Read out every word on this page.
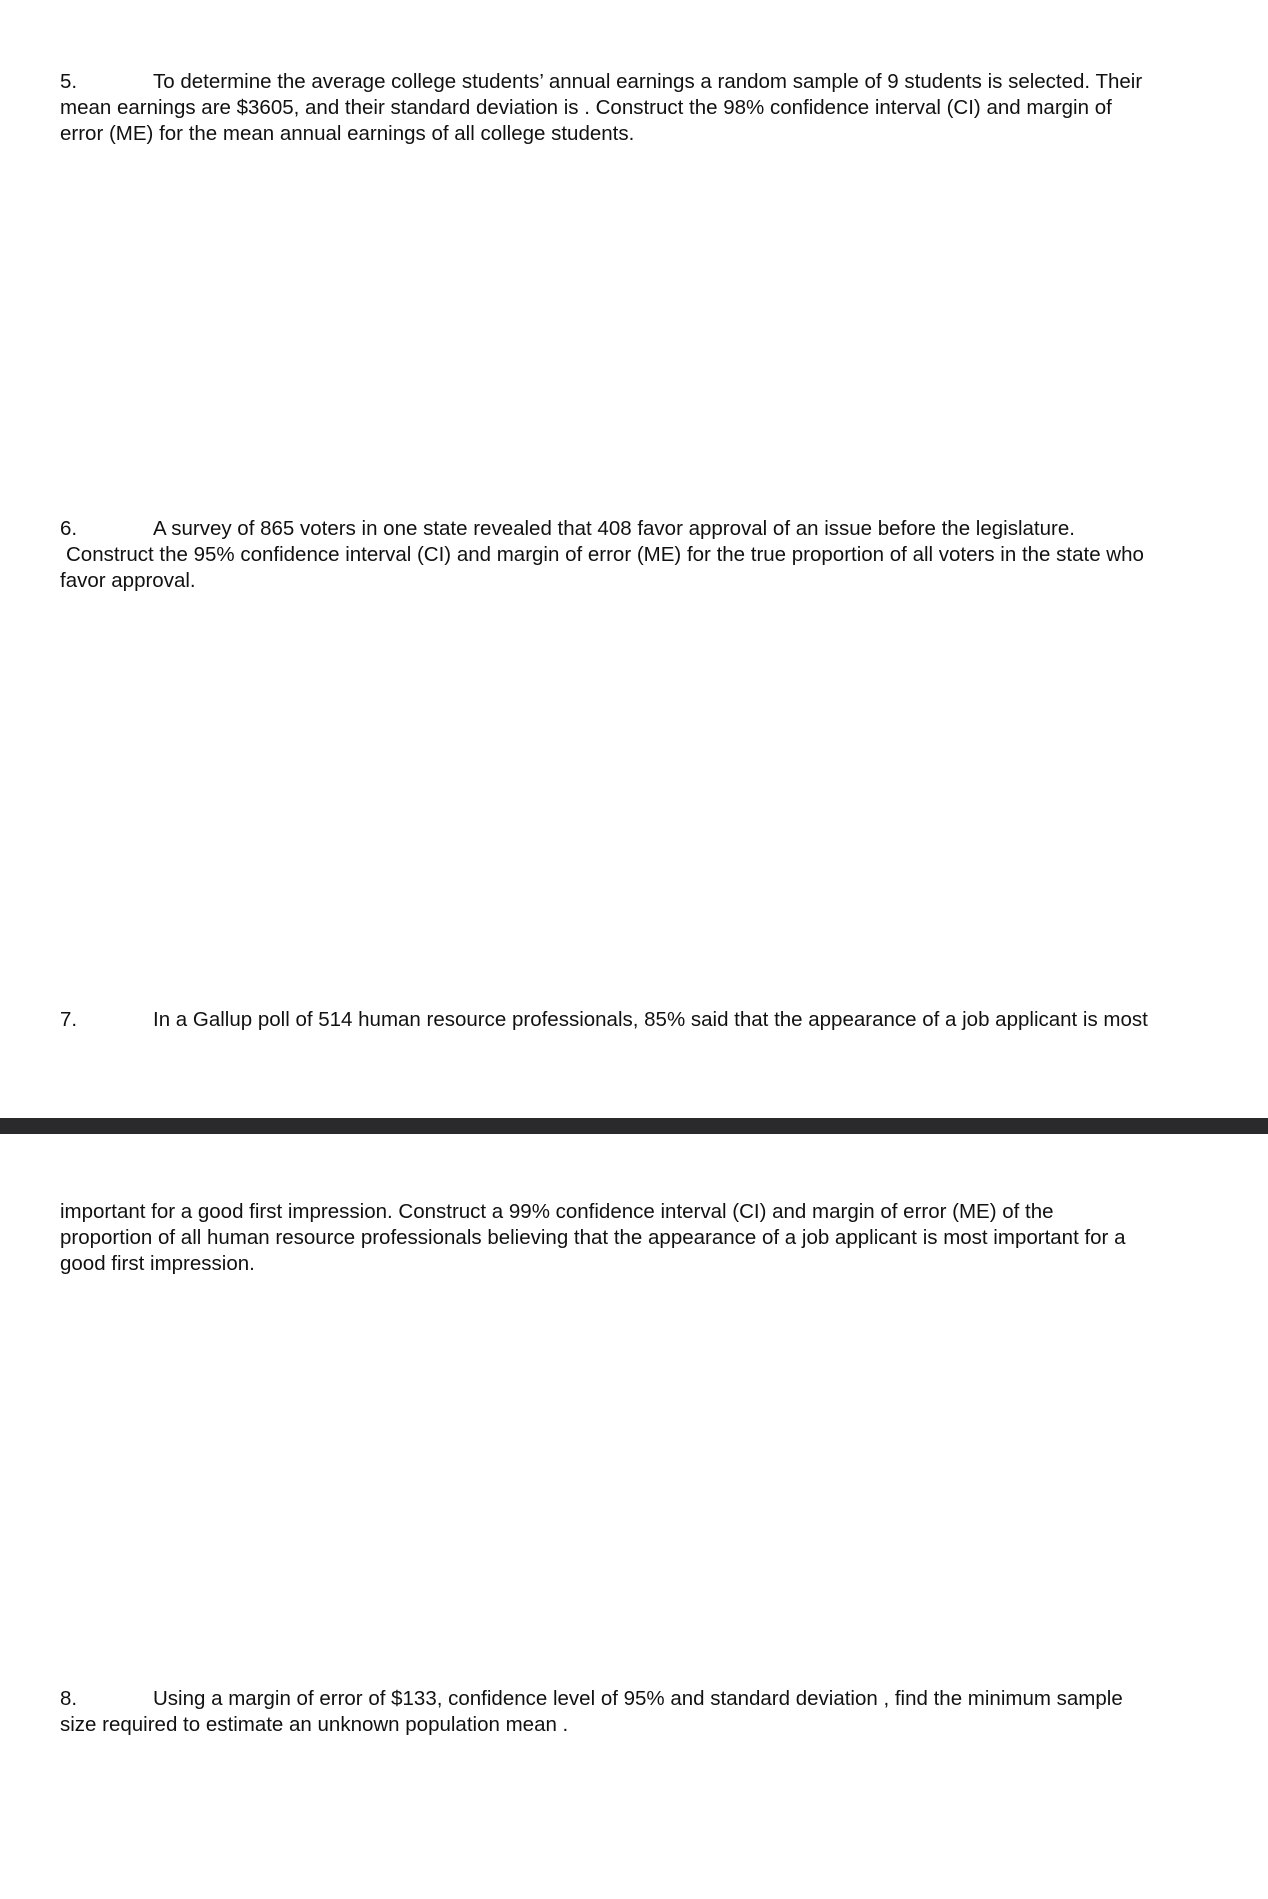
5.	To determine the average college students’ annual earnings a random sample of 9 students is selected. Their
mean earnings are $3605, and their standard deviation is . Construct the 98% confidence interval (CI) and margin of
error (ME) for the mean annual earnings of all college students.
6.	A survey of 865 voters in one state revealed that 408 favor approval of an issue before the legislature.
Construct the 95% confidence interval (CI) and margin of error (ME) for the true proportion of all voters in the state who
favor approval.
7.	In a Gallup poll of 514 human resource professionals, 85% said that the appearance of a job applicant is most
important for a good first impression. Construct a 99% confidence interval (CI) and margin of error (ME) of the
proportion of all human resource professionals believing that the appearance of a job applicant is most important for a
good first impression.
8.	Using a margin of error of $133, confidence level of 95% and standard deviation , find the minimum sample
size required to estimate an unknown population mean .
